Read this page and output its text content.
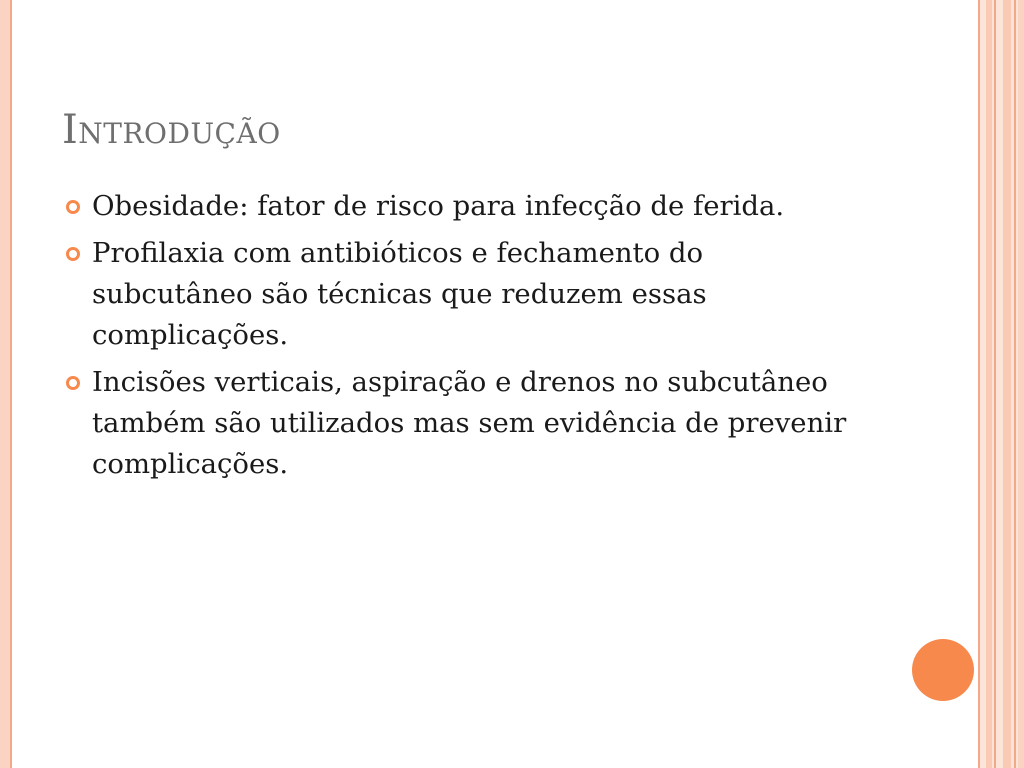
Introdução
Obesidade: fator de risco para infecção de ferida.
Profilaxia com antibióticos e fechamento do subcutâneo são técnicas que reduzem essas complicações.
Incisões verticais, aspiração e drenos no subcutâneo também são utilizados mas sem evidência de prevenir complicações.
